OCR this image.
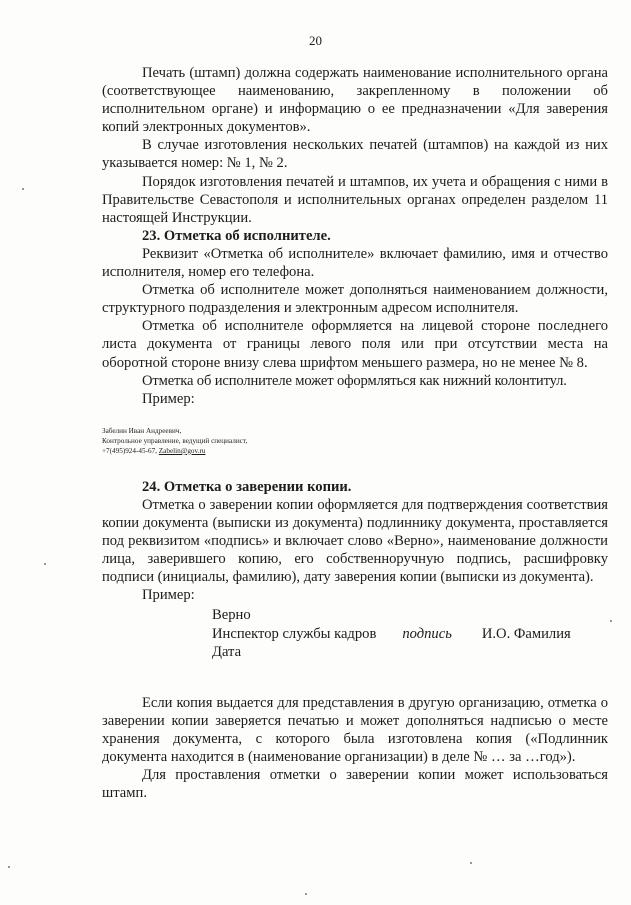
20

Печать (штамп) должна содержать наименование исполнительного органа (соответствующее наименованию, закрепленному в положении об исполнительном органе) и информацию о ее предназначении «Для заверения копий электронных документов».

В случае изготовления нескольких печатей (штампов) на каждой из них указывается номер: № 1, № 2.

Порядок изготовления печатей и штампов, их учета и обращения с ними в Правительстве Севастополя и исполнительных органах определен разделом 11 настоящей Инструкции.

23. Отметка об исполнителе.

Реквизит «Отметка об исполнителе» включает фамилию, имя и отчество исполнителя, номер его телефона.

Отметка об исполнителе может дополняться наименованием должности, структурного подразделения и электронным адресом исполнителя.

Отметка об исполнителе оформляется на лицевой стороне последнего листа документа от границы левого поля или при отсутствии места на оборотной стороне внизу слева шрифтом меньшего размера, но не менее № 8.

Отметка об исполнителе может оформляться как нижний колонтитул.

Пример:

Забелин Иван Андреевич,
Контрольное управление, ведущий специалист,
+7(495)924-45-67, Zabelin@gov.ru

24. Отметка о заверении копии.

Отметка о заверении копии оформляется для подтверждения соответствия копии документа (выписки из документа) подлиннику документа, проставляется под реквизитом «подпись» и включает слово «Верно», наименование должности лица, заверившего копию, его собственноручную подпись, расшифровку подписи (инициалы, фамилию), дату заверения копии (выписки из документа).

Пример:

Верно
Инспектор службы кадров подпись И.О. Фамилия
Дата

Если копия выдается для представления в другую организацию, отметка о заверении копии заверяется печатью и может дополняться надписью о месте хранения документа, с которого была изготовлена копия («Подлинник документа находится в (наименование организации) в деле № … за …год»).

Для проставления отметки о заверении копии может использоваться штамп.
